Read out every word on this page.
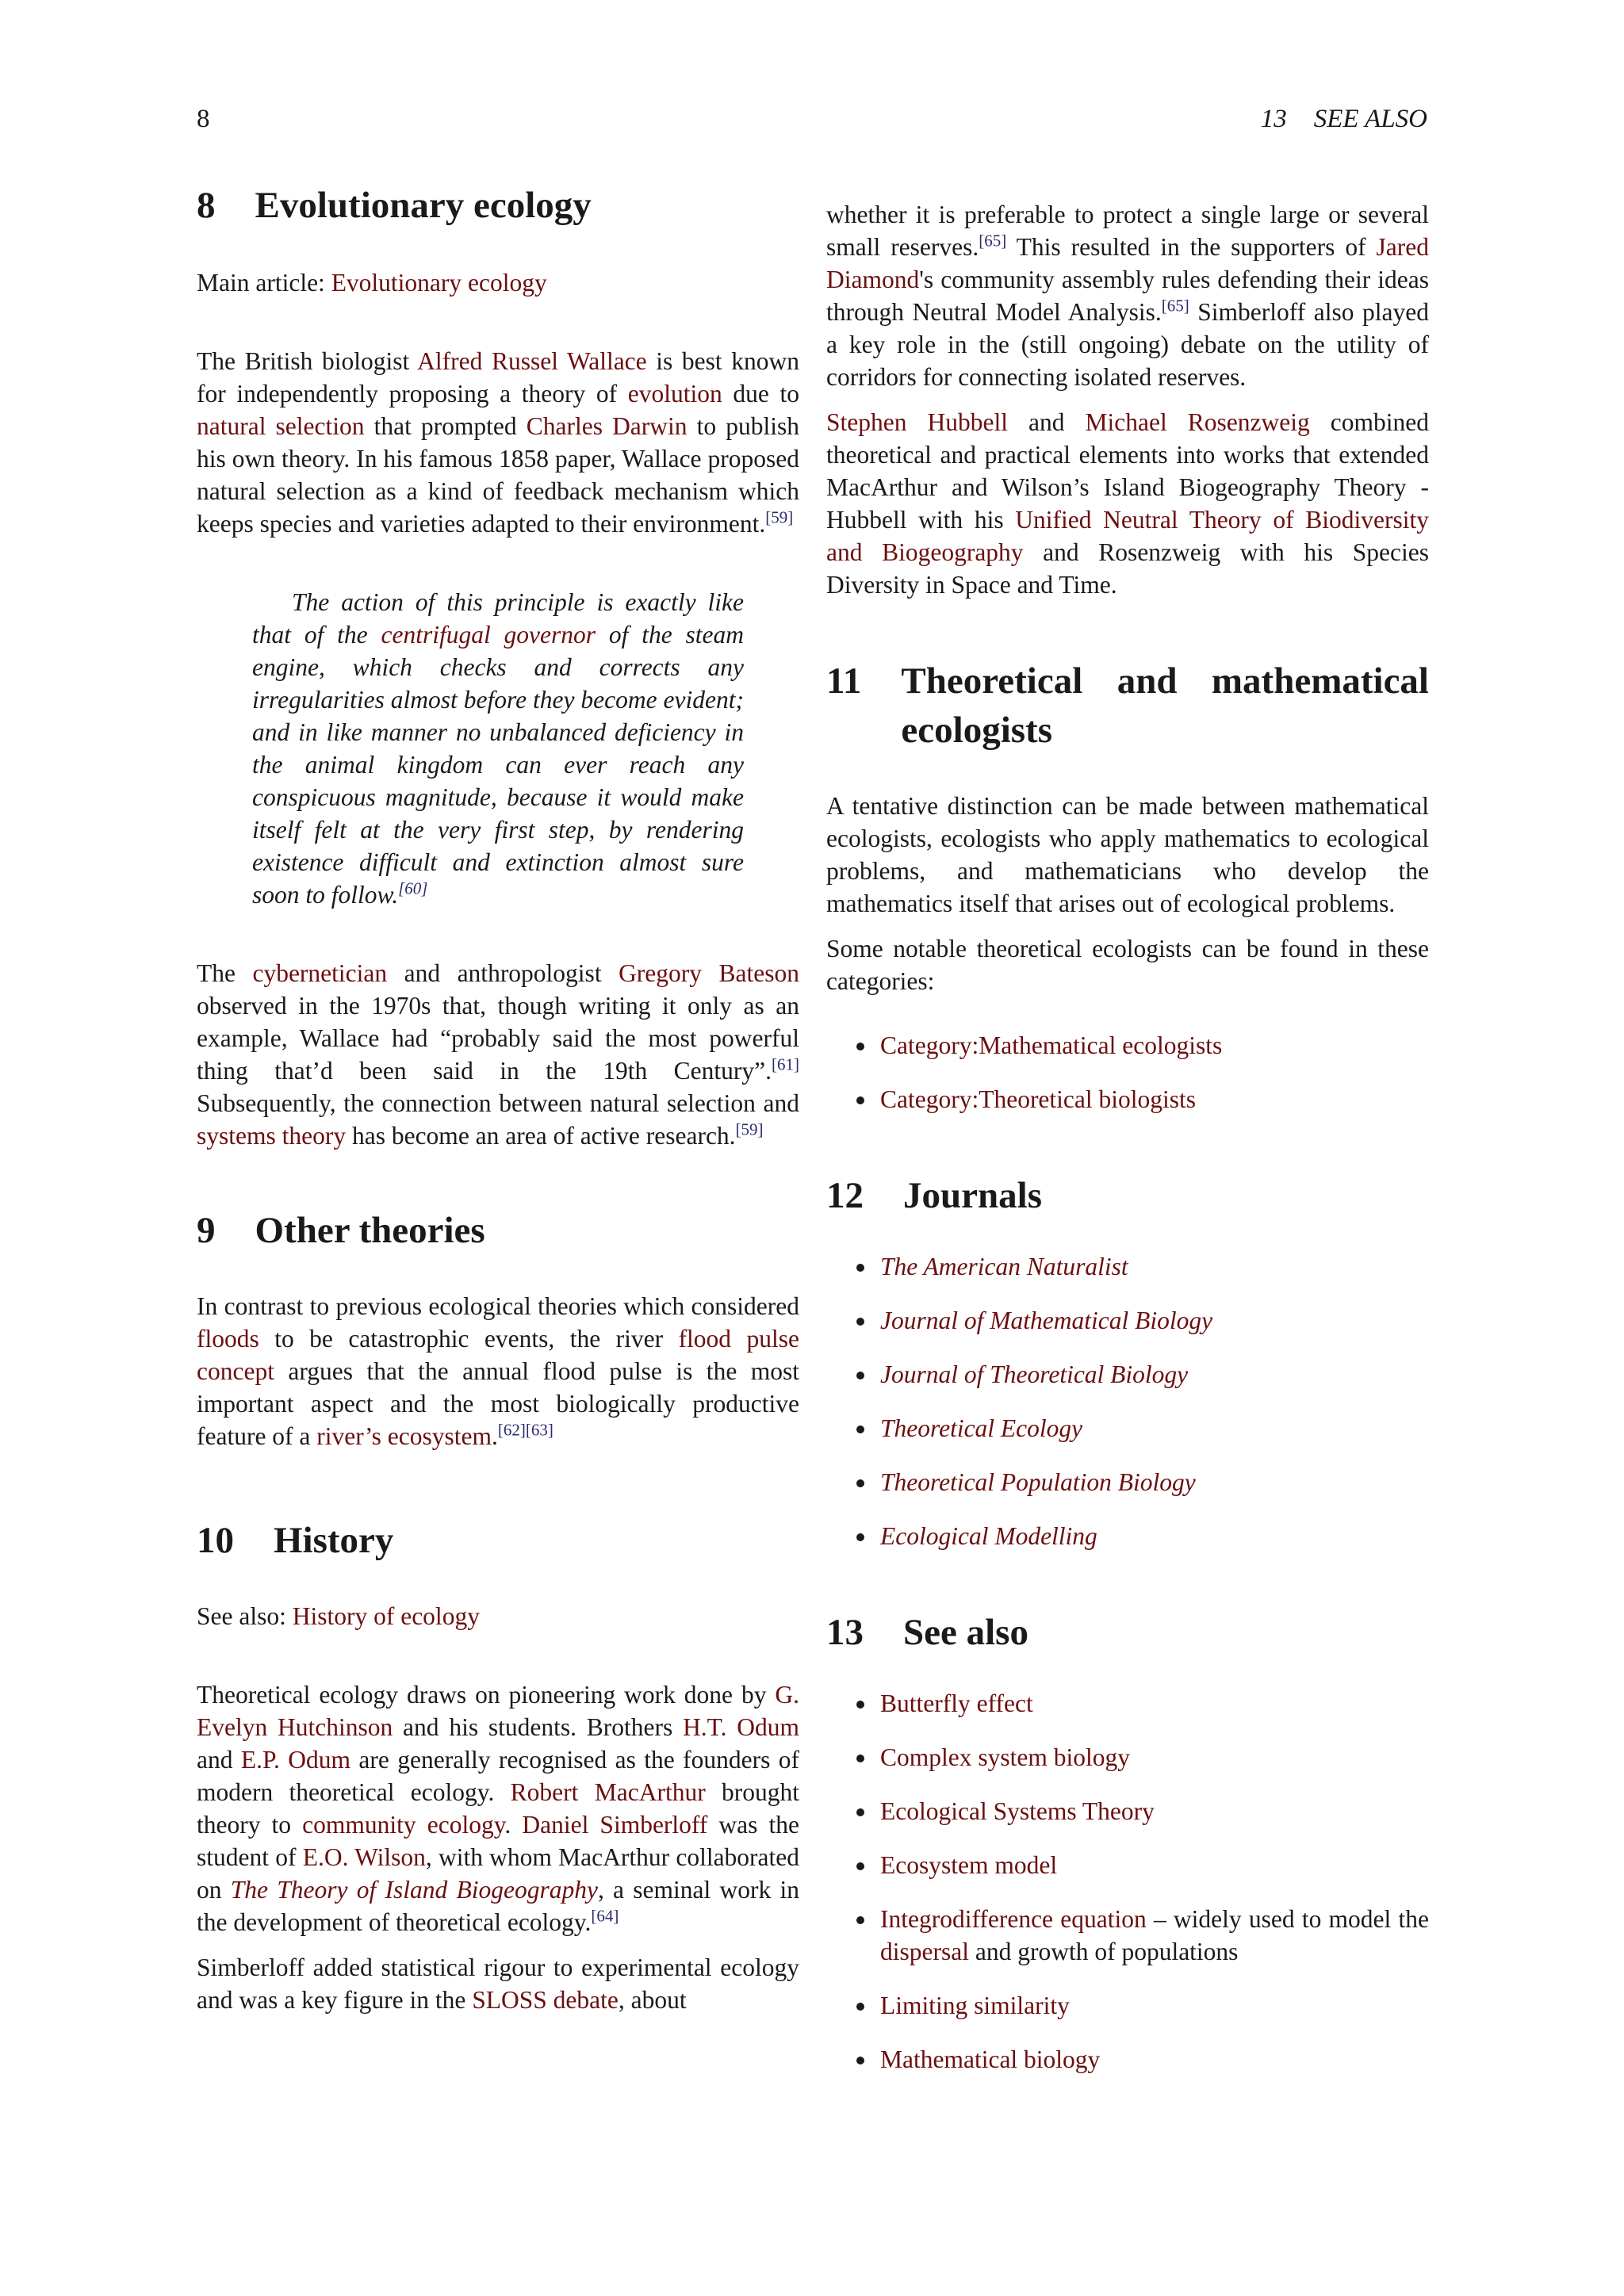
8	13 SEE ALSO
8 Evolutionary ecology

Main article: Evolutionary ecology

The British biologist Alfred Russel Wallace is best known for independently proposing a theory of evolution due to natural selection that prompted Charles Darwin to publish his own theory. In his famous 1858 paper, Wallace proposed natural selection as a kind of feedback mechanism which keeps species and varieties adapted to their environment.[59]

The action of this principle is exactly like that of the centrifugal governor of the steam engine, which checks and corrects any irregularities almost before they become evident; and in like manner no unbalanced deficiency in the animal kingdom can ever reach any conspicuous magnitude, because it would make itself felt at the very first step, by rendering existence difficult and extinction almost sure soon to follow.[60]

The cybernetician and anthropologist Gregory Bateson observed in the 1970s that, though writing it only as an example, Wallace had “probably said the most powerful thing that’d been said in the 19th Century”.[61] Subsequently, the connection between natural selection and systems theory has become an area of active research.[59]

9 Other theories

In contrast to previous ecological theories which considered floods to be catastrophic events, the river flood pulse concept argues that the annual flood pulse is the most important aspect and the most biologically productive feature of a river’s ecosystem.[62][63]

10 History

See also: History of ecology

Theoretical ecology draws on pioneering work done by G. Evelyn Hutchinson and his students. Brothers H.T. Odum and E.P. Odum are generally recognised as the founders of modern theoretical ecology. Robert MacArthur brought theory to community ecology. Daniel Simberloff was the student of E.O. Wilson, with whom MacArthur collaborated on The Theory of Island Biogeography, a seminal work in the development of theoretical ecology.[64]

Simberloff added statistical rigour to experimental ecology and was a key figure in the SLOSS debate, about

whether it is preferable to protect a single large or several small reserves.[65] This resulted in the supporters of Jared Diamond's community assembly rules defending their ideas through Neutral Model Analysis.[65] Simberloff also played a key role in the (still ongoing) debate on the utility of corridors for connecting isolated reserves.

Stephen Hubbell and Michael Rosenzweig combined theoretical and practical elements into works that extended MacArthur and Wilson’s Island Biogeography Theory - Hubbell with his Unified Neutral Theory of Biodiversity and Biogeography and Rosenzweig with his Species Diversity in Space and Time.

11 Theoretical and mathematical ecologists

A tentative distinction can be made between mathematical ecologists, ecologists who apply mathematics to ecological problems, and mathematicians who develop the mathematics itself that arises out of ecological problems.

Some notable theoretical ecologists can be found in these categories:

Category:Mathematical ecologists
Category:Theoretical biologists
12 Journals
The American Naturalist
Journal of Mathematical Biology
Journal of Theoretical Biology
Theoretical Ecology
Theoretical Population Biology
Ecological Modelling
13 See also
Butterfly effect
Complex system biology
Ecological Systems Theory
Ecosystem model
Integrodifference equation – widely used to model the dispersal and growth of populations
Limiting similarity
Mathematical biology
